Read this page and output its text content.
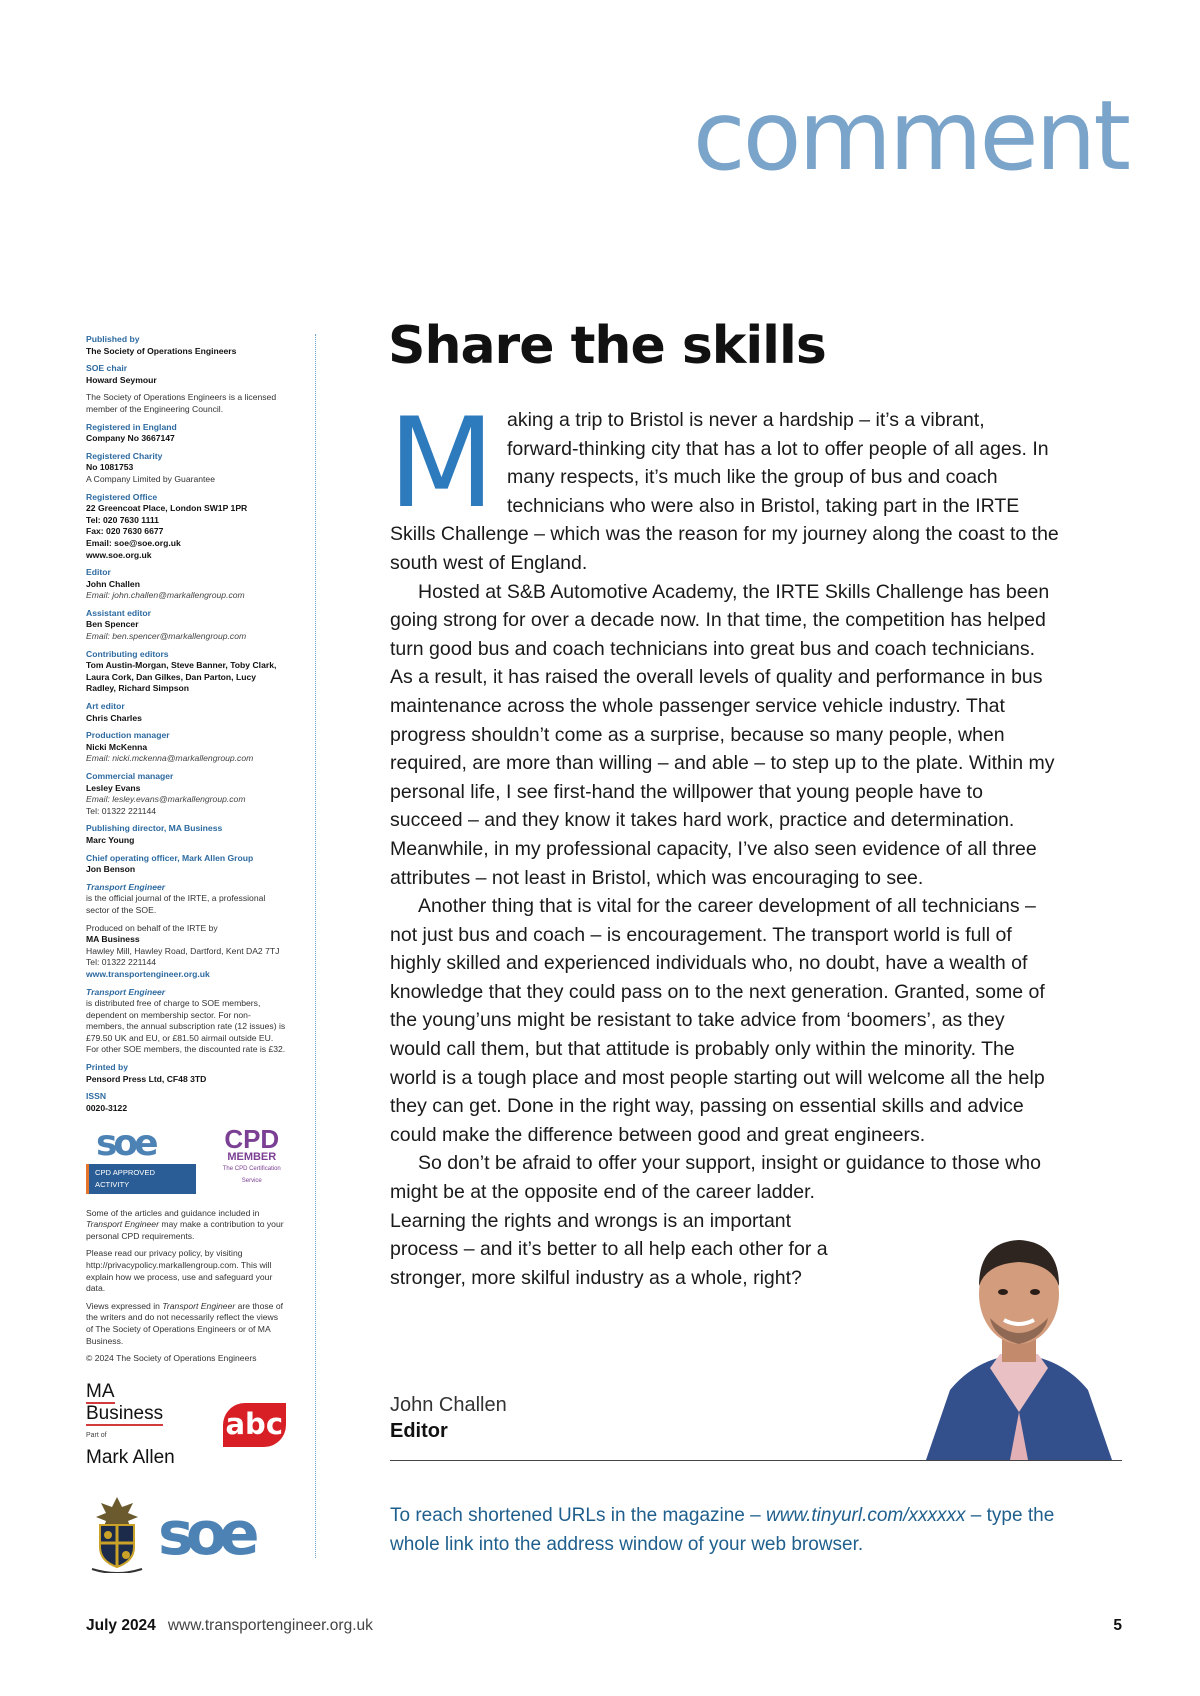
comment
Published by
The Society of Operations Engineers
SOE chair
Howard Seymour
The Society of Operations Engineers is a licensed member of the Engineering Council.
Registered in England
Company No 3667147
Registered Charity
No 1081753
A Company Limited by Guarantee
Registered Office
22 Greencoat Place, London SW1P 1PR
Tel: 020 7630 1111
Fax: 020 7630 6677
Email: soe@soe.org.uk
www.soe.org.uk
Editor
John Challen
Email: john.challen@markallengroup.com
Assistant editor
Ben Spencer
Email: ben.spencer@markallengroup.com
Contributing editors
Tom Austin-Morgan, Steve Banner, Toby Clark, Laura Cork, Dan Gilkes, Dan Parton, Lucy Radley, Richard Simpson
Art editor
Chris Charles
Production manager
Nicki McKenna
Email: nicki.mckenna@markallengroup.com
Commercial manager
Lesley Evans
Email: lesley.evans@markallengroup.com
Tel: 01322 221144
Publishing director, MA Business
Marc Young
Chief operating officer, Mark Allen Group
Jon Benson
Transport Engineer
is the official journal of the IRTE, a professional sector of the SOE.
Produced on behalf of the IRTE by
MA Business
Hawley Mill, Hawley Road, Dartford, Kent DA2 7TJ
Tel: 01322 221144
www.transportengineer.org.uk
Transport Engineer
is distributed free of charge to SOE members, dependent on membership sector. For non-members, the annual subscription rate (12 issues) is £79.50 UK and EU, or £81.50 airmail outside EU. For other SOE members, the discounted rate is £32.
Printed by
Pensord Press Ltd, CF48 3TD
ISSN
0020-3122
soe
CPD APPROVED ACTIVITY
CPD
MEMBER
The CPD Certification Service
Some of the articles and guidance included in Transport Engineer may make a contribution to your personal CPD requirements.
Please read our privacy policy, by visiting http://privacypolicy.markallengroup.com. This will explain how we process, use and safeguard your data.
Views expressed in Transport Engineer are those of the writers and do not necessarily reflect the views of The Society of Operations Engineers or of MA Business.
© 2024 The Society of Operations Engineers
MA Business
Part of
Mark Allen
abc
soe
Share the skills

Making a trip to Bristol is never a hardship – it’s a vibrant, forward-thinking city that has a lot to offer people of all ages. In many respects, it’s much like the group of bus and coach technicians who were also in Bristol, taking part in the IRTE Skills Challenge – which was the reason for my journey along the coast to the south west of England.

Hosted at S&B Automotive Academy, the IRTE Skills Challenge has been going strong for over a decade now. In that time, the competition has helped turn good bus and coach technicians into great bus and coach technicians. As a result, it has raised the overall levels of quality and performance in bus maintenance across the whole passenger service vehicle industry. That progress shouldn’t come as a surprise, because so many people, when required, are more than willing – and able – to step up to the plate. Within my personal life, I see first-hand the willpower that young people have to succeed – and they know it takes hard work, practice and determination. Meanwhile, in my professional capacity, I’ve also seen evidence of all three attributes – not least in Bristol, which was encouraging to see.

Another thing that is vital for the career development of all technicians – not just bus and coach – is encouragement. The transport world is full of highly skilled and experienced individuals who, no doubt, have a wealth of knowledge that they could pass on to the next generation. Granted, some of the young’uns might be resistant to take advice from ‘boomers’, as they would call them, but that attitude is probably only within the minority. The world is a tough place and most people starting out will welcome all the help they can get. Done in the right way, passing on essential skills and advice could make the difference between good and great engineers.

So don’t be afraid to offer your support, insight or guidance to those who might be at the opposite end of the career ladder.

Learning the rights and wrongs is an important process – and it’s better to all help each other for a stronger, more skilful industry as a whole, right?

John Challen
Editor
To reach shortened URLs in the magazine – www.tinyurl.com/xxxxxx – type the whole link into the address window of your web browser.
July 2024 www.transportengineer.org.uk	5
